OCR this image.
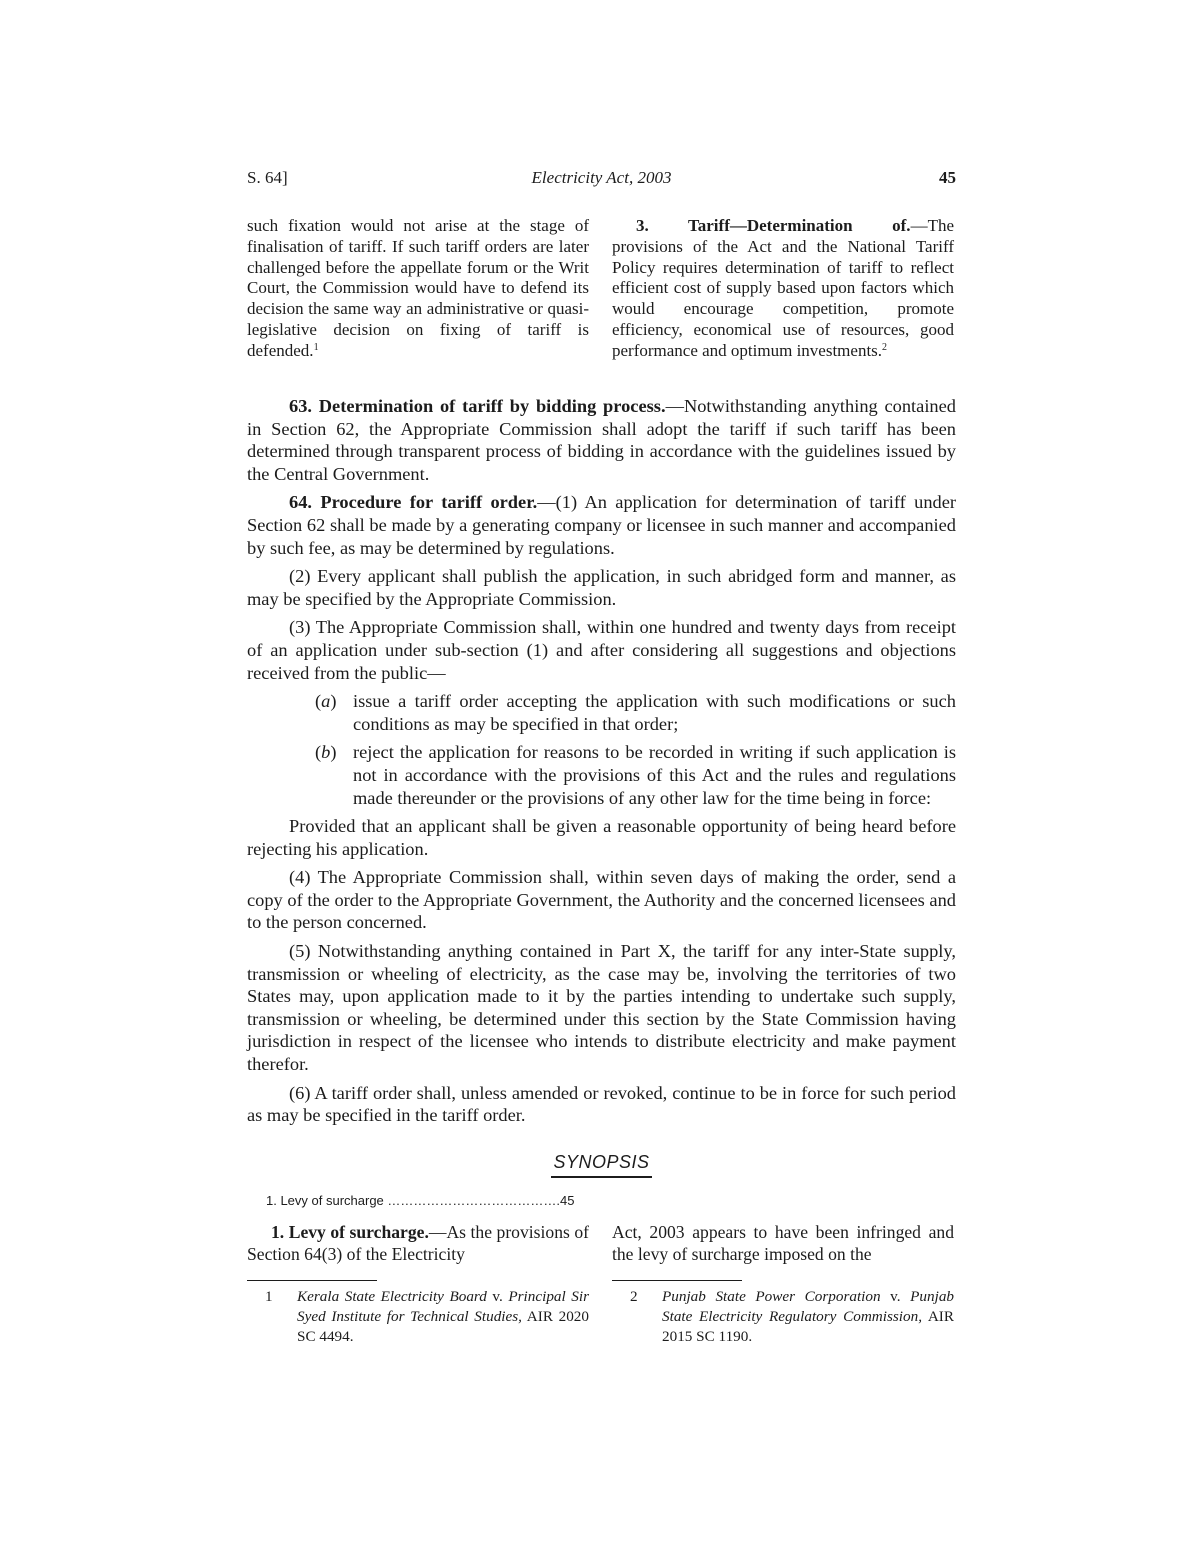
S. 64]	Electricity Act, 2003	45

such fixation would not arise at the stage of finalisation of tariff. If such tariff orders are later challenged before the appellate forum or the Writ Court, the Commission would have to defend its decision the same way an administrative or quasi-legislative decision on fixing of tariff is defended.$^1$

3. Tariff—Determination of.—The provisions of the Act and the National Tariff Policy requires determination of tariff to reflect efficient cost of supply based upon factors which would encourage competition, promote efficiency, economical use of resources, good performance and optimum investments.$^2$

63. Determination of tariff by bidding process.—Notwithstanding anything contained in Section 62, the Appropriate Commission shall adopt the tariff if such tariff has been determined through transparent process of bidding in accordance with the guidelines issued by the Central Government.

64. Procedure for tariff order.—(1) An application for determination of tariff under Section 62 shall be made by a generating company or licensee in such manner and accompanied by such fee, as may be determined by regulations.

(2) Every applicant shall publish the application, in such abridged form and manner, as may be specified by the Appropriate Commission.

(3) The Appropriate Commission shall, within one hundred and twenty days from receipt of an application under sub-section (1) and after considering all suggestions and objections received from the public—

(a) issue a tariff order accepting the application with such modifications or such conditions as may be specified in that order;
(b) reject the application for reasons to be recorded in writing if such application is not in accordance with the provisions of this Act and the rules and regulations made thereunder or the provisions of any other law for the time being in force:

Provided that an applicant shall be given a reasonable opportunity of being heard before rejecting his application.

(4) The Appropriate Commission shall, within seven days of making the order, send a copy of the order to the Appropriate Government, the Authority and the concerned licensees and to the person concerned.

(5) Notwithstanding anything contained in Part X, the tariff for any inter-State supply, transmission or wheeling of electricity, as the case may be, involving the territories of two States may, upon application made to it by the parties intending to undertake such supply, transmission or wheeling, be determined under this section by the State Commission having jurisdiction in respect of the licensee who intends to distribute electricity and make payment therefor.

(6) A tariff order shall, unless amended or revoked, continue to be in force for such period as may be specified in the tariff order.

SYNOPSIS
1. Levy of surcharge ………………………………….45

1. Levy of surcharge.—As the provisions of Section 64(3) of the Electricity

Act, 2003 appears to have been infringed and the levy of surcharge imposed on the

1 Kerala State Electricity Board v. Principal Sir Syed Institute for Technical Studies, AIR 2020 SC 4494.
2 Punjab State Power Corporation v. Punjab State Electricity Regulatory Commission, AIR 2015 SC 1190.
